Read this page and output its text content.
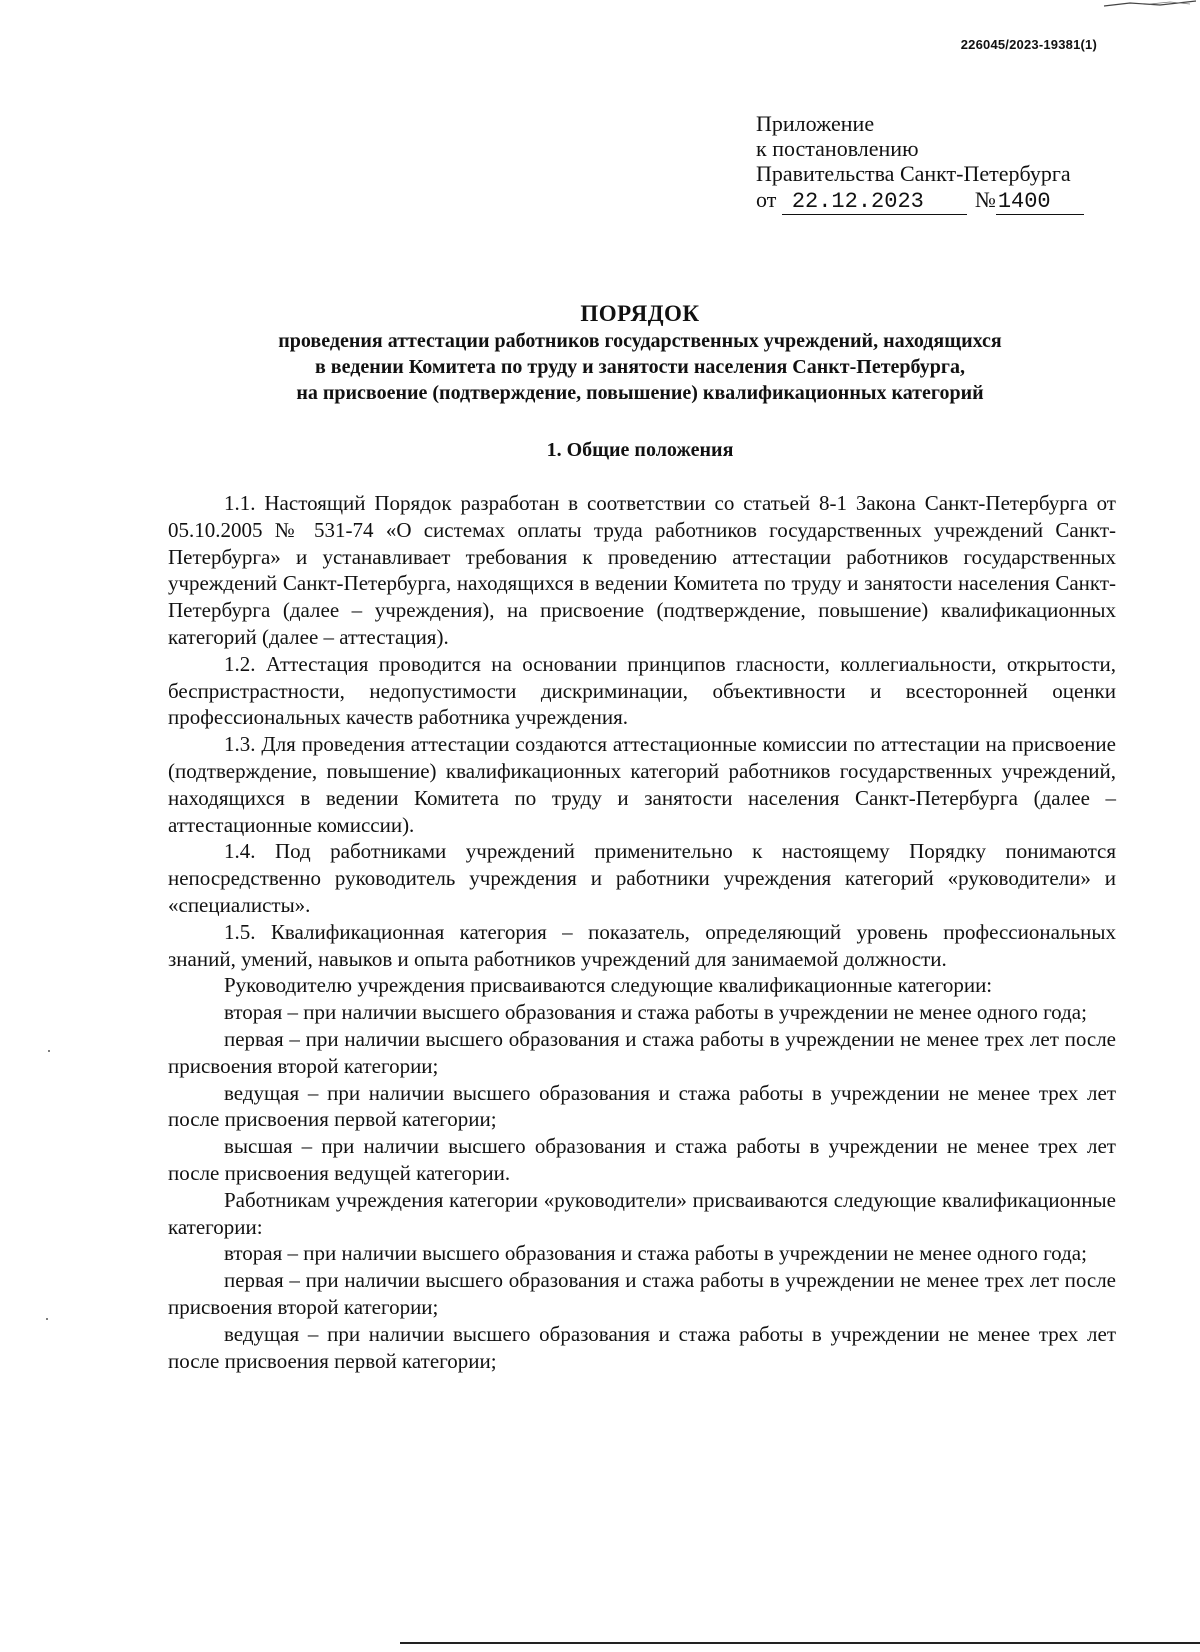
226045/2023-19381(1)
Приложение
к постановлению
Правительства Санкт-Петербурга
от 22.12.2023 №1400
ПОРЯДОК
проведения аттестации работников государственных учреждений, находящихся
в ведении Комитета по труду и занятости населения Санкт-Петербурга,
на присвоение (подтверждение, повышение) квалификационных категорий
1. Общие положения

1.1. Настоящий Порядок разработан в соответствии со статьей 8-1 Закона Санкт-Петербурга от 05.10.2005 № 531-74 «О системах оплаты труда работников государственных учреждений Санкт-Петербурга» и устанавливает требования к проведению аттестации работников государственных учреждений Санкт-Петербурга, находящихся в ведении Комитета по труду и занятости населения Санкт-Петербурга (далее – учреждения), на присвоение (подтверждение, повышение) квалификационных категорий (далее – аттестация).

1.2. Аттестация проводится на основании принципов гласности, коллегиальности, открытости, беспристрастности, недопустимости дискриминации, объективности и всесторонней оценки профессиональных качеств работника учреждения.

1.3. Для проведения аттестации создаются аттестационные комиссии по аттестации на присвоение (подтверждение, повышение) квалификационных категорий работников государственных учреждений, находящихся в ведении Комитета по труду и занятости населения Санкт-Петербурга (далее – аттестационные комиссии).

1.4. Под работниками учреждений применительно к настоящему Порядку понимаются непосредственно руководитель учреждения и работники учреждения категорий «руководители» и «специалисты».

1.5. Квалификационная категория – показатель, определяющий уровень профессиональных знаний, умений, навыков и опыта работников учреждений для занимаемой должности.

Руководителю учреждения присваиваются следующие квалификационные категории:

вторая – при наличии высшего образования и стажа работы в учреждении не менее одного года;

первая – при наличии высшего образования и стажа работы в учреждении не менее трех лет после присвоения второй категории;

ведущая – при наличии высшего образования и стажа работы в учреждении не менее трех лет после присвоения первой категории;

высшая – при наличии высшего образования и стажа работы в учреждении не менее трех лет после присвоения ведущей категории.

Работникам учреждения категории «руководители» присваиваются следующие квалификационные категории:

вторая – при наличии высшего образования и стажа работы в учреждении не менее одного года;

первая – при наличии высшего образования и стажа работы в учреждении не менее трех лет после присвоения второй категории;

ведущая – при наличии высшего образования и стажа работы в учреждении не менее трех лет после присвоения первой категории;
